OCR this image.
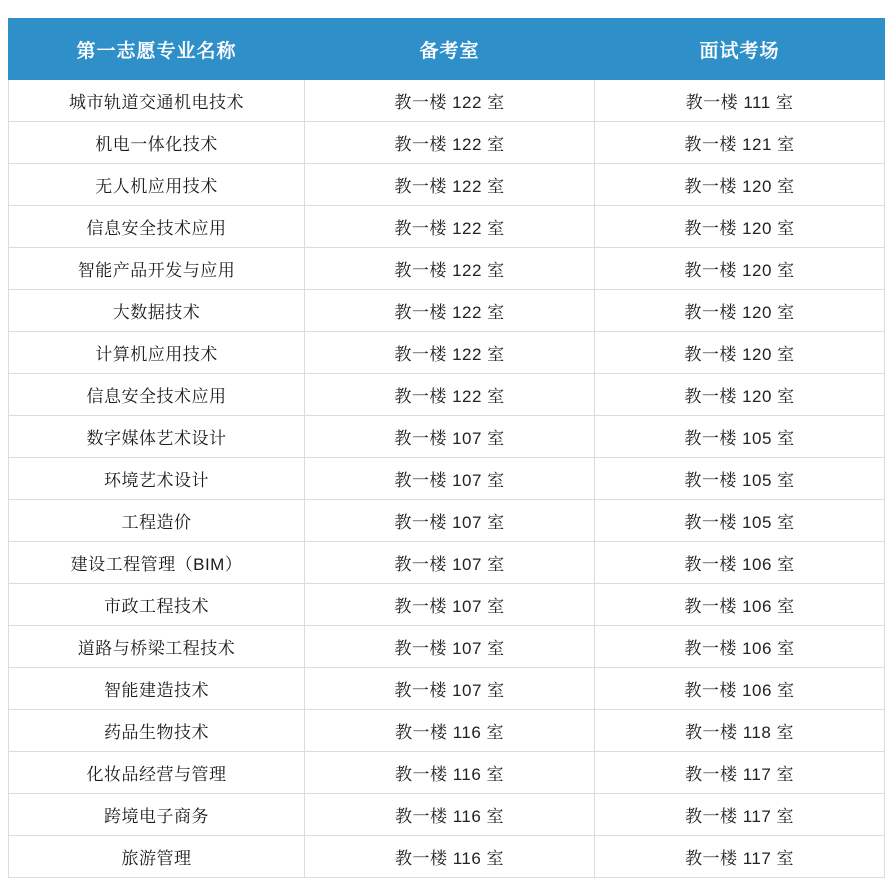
第一志愿专业名称	备考室	面试考场
城市轨道交通机电技术	教一楼 122 室	教一楼 111 室
机电一体化技术	教一楼 122 室	教一楼 121 室
无人机应用技术	教一楼 122 室	教一楼 120 室
信息安全技术应用	教一楼 122 室	教一楼 120 室
智能产品开发与应用	教一楼 122 室	教一楼 120 室
大数据技术	教一楼 122 室	教一楼 120 室
计算机应用技术	教一楼 122 室	教一楼 120 室
信息安全技术应用	教一楼 122 室	教一楼 120 室
数字媒体艺术设计	教一楼 107 室	教一楼 105 室
环境艺术设计	教一楼 107 室	教一楼 105 室
工程造价	教一楼 107 室	教一楼 105 室
建设工程管理（BIM）	教一楼 107 室	教一楼 106 室
市政工程技术	教一楼 107 室	教一楼 106 室
道路与桥梁工程技术	教一楼 107 室	教一楼 106 室
智能建造技术	教一楼 107 室	教一楼 106 室
药品生物技术	教一楼 116 室	教一楼 118 室
化妆品经营与管理	教一楼 116 室	教一楼 117 室
跨境电子商务	教一楼 116 室	教一楼 117 室
旅游管理	教一楼 116 室	教一楼 117 室
